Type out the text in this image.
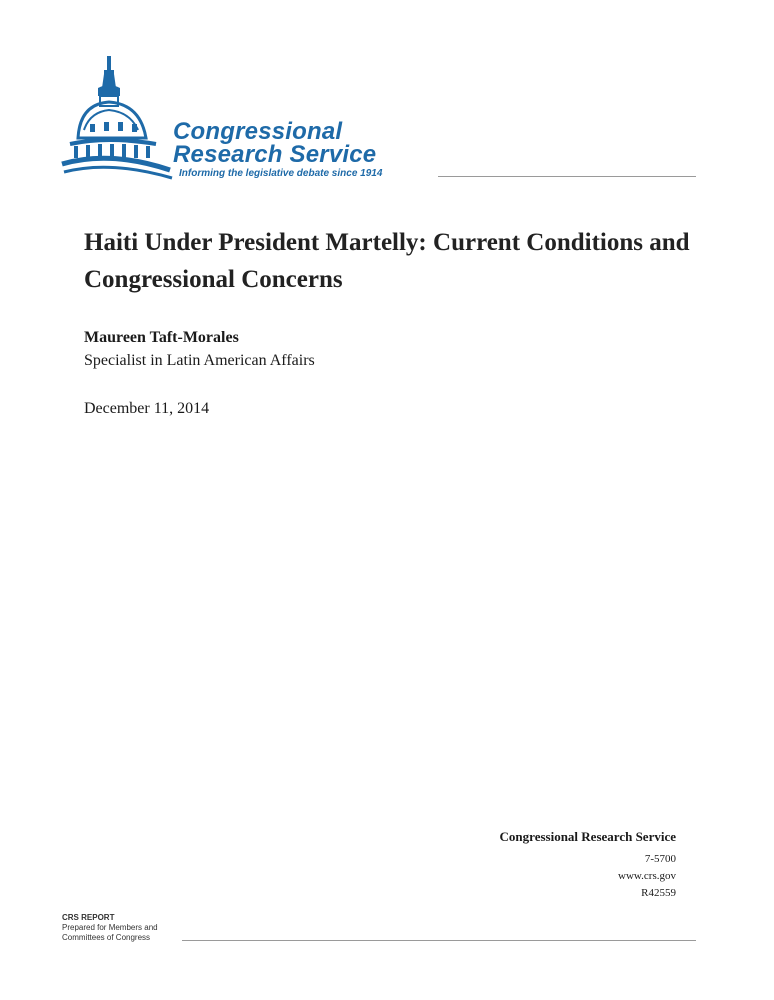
Congressional
Research Service
Informing the legislative debate since 1914
Haiti Under President Martelly: Current Conditions and Congressional Concerns
Maureen Taft-Morales
Specialist in Latin American Affairs
December 11, 2014
Congressional Research Service
7-5700
www.crs.gov
R42559
CRS REPORT
Prepared for Members and
Committees of Congress
